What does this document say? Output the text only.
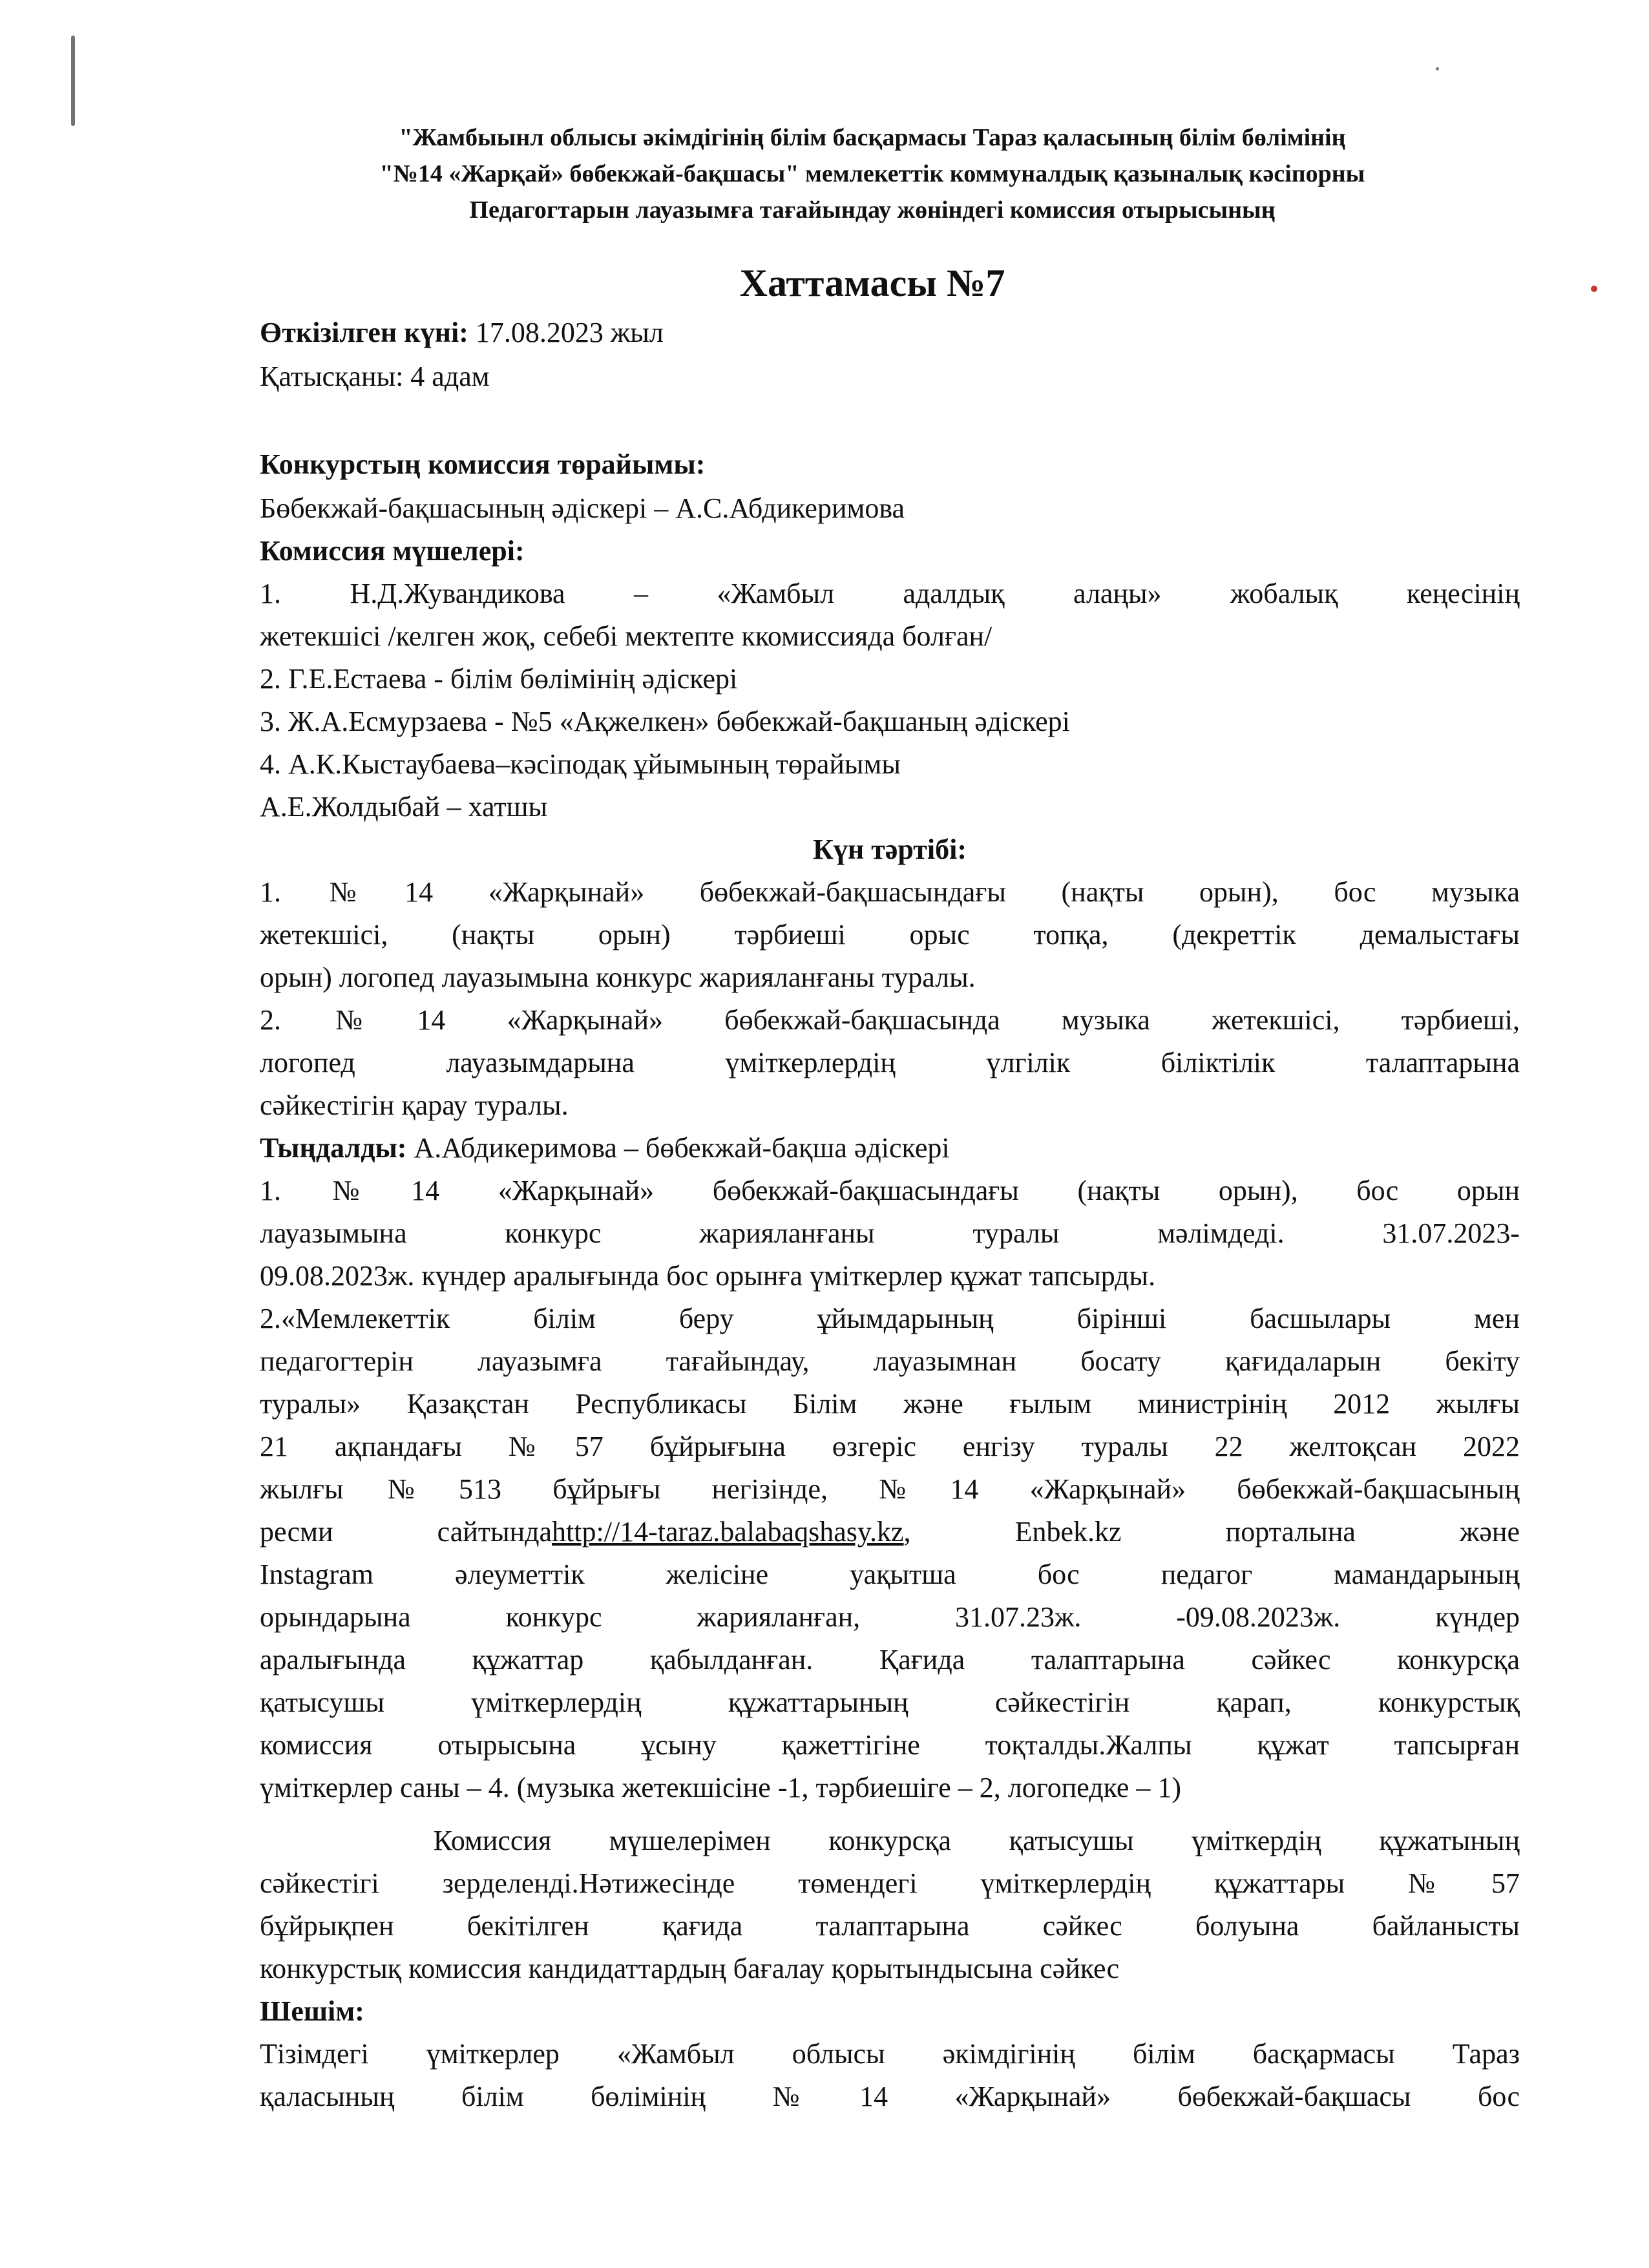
"Жамбыынл облысы әкімдігінің білім басқармасы Тараз қаласының білім бөлімінің
"№14 «Жарқай» бөбекжай-бақшасы" мемлекеттік коммуналдық қазыналық кәсіпорны
Педагогтарын лауазымға тағайындау жөніндегі комиссия отырысының
Хаттамасы №7
Өткізілген күні: 17.08.2023 жыл
Қатысқаны: 4 адам
Конкурстың комиссия төрайымы:
Бөбекжай-бақшасының әдіскері – А.С.Абдикеримова
Комиссия мүшелері:
1. Н.Д.Жувандикова – «Жамбыл адалдық алаңы» жобалық кеңесінің
жетекшісі /келген жоқ, себебі мектепте ккомиссияда болған/
2. Г.Е.Естаева - білім бөлімінің әдіскері
3. Ж.А.Есмурзаева - №5 «Ақжелкен» бөбекжай-бақшаның әдіскері
4. А.К.Кыстаубаева–кәсіподақ ұйымының төрайымы
А.Е.Жолдыбай – хатшы
Күн тәртібі:
1.№14 «Жарқынай» бөбекжай-бақшасындағы (нақты орын), бос музыка
жетекшісі, (нақты орын) тәрбиеші орыс топқа, (декреттік демалыстағы
орын) логопед лауазымына конкурс жарияланғаны туралы.
2.№14 «Жарқынай» бөбекжай-бақшасында музыка жетекшісі, тәрбиеші,
логопед лауазымдарына үміткерлердің үлгілік біліктілік талаптарына
сәйкестігін қарау туралы.
Тыңдалды: А.Абдикеримова – бөбекжай-бақша әдіскері
1.№14 «Жарқынай» бөбекжай-бақшасындағы (нақты орын), бос орын
лауазымына конкурс жарияланғаны туралы мәлімдеді. 31.07.2023-
09.08.2023ж. күндер аралығында бос орынға үміткерлер құжат тапсырды.
2.«Мемлекеттік білім беру ұйымдарының бірінші басшылары мен
педагогтерін лауазымға тағайындау, лауазымнан босату қағидаларын бекіту
туралы» Қазақстан Республикасы Білім және ғылым министрінің 2012 жылғы
21 ақпандағы №57 бұйрығына өзгеріс енгізу туралы 22 желтоқсан 2022
жылғы№513 бұйрығы негізінде, №14 «Жарқынай» бөбекжай-бақшасының
ресми сайтындаhttp://14-taraz.balabaqshasy.kz, Enbek.kz порталына және
Instagram әлеуметтік желісіне уақытша бос педагог мамандарының
орындарына конкурс жарияланған, 31.07.23ж. -09.08.2023ж. күндер
аралығында құжаттар қабылданған. Қағида талаптарына сәйкес конкурсқа
қатысушы үміткерлердің құжаттарының сәйкестігін қарап, конкурстық
комиссия отырысына ұсыну қажеттігіне тоқталды.Жалпы құжат тапсырған
үміткерлер саны – 4. (музыка жетекшісіне -1, тәрбиешіге – 2, логопедке – 1)
Комиссия мүшелерімен конкурсқа қатысушы үміткердің құжатының
сәйкестігі зерделенді.Нәтижесінде төмендегі үміткерлердің құжаттары №57
бұйрықпен бекітілген қағида талаптарына сәйкес болуына байланысты
конкурстық комиссия кандидаттардың бағалау қорытындысына сәйкес
Шешім:
Тізімдегі үміткерлер «Жамбыл облысы әкімдігінің білім басқармасы Тараз
қаласының білім бөлімінің №14 «Жарқынай» бөбекжай-бақшасы бос
